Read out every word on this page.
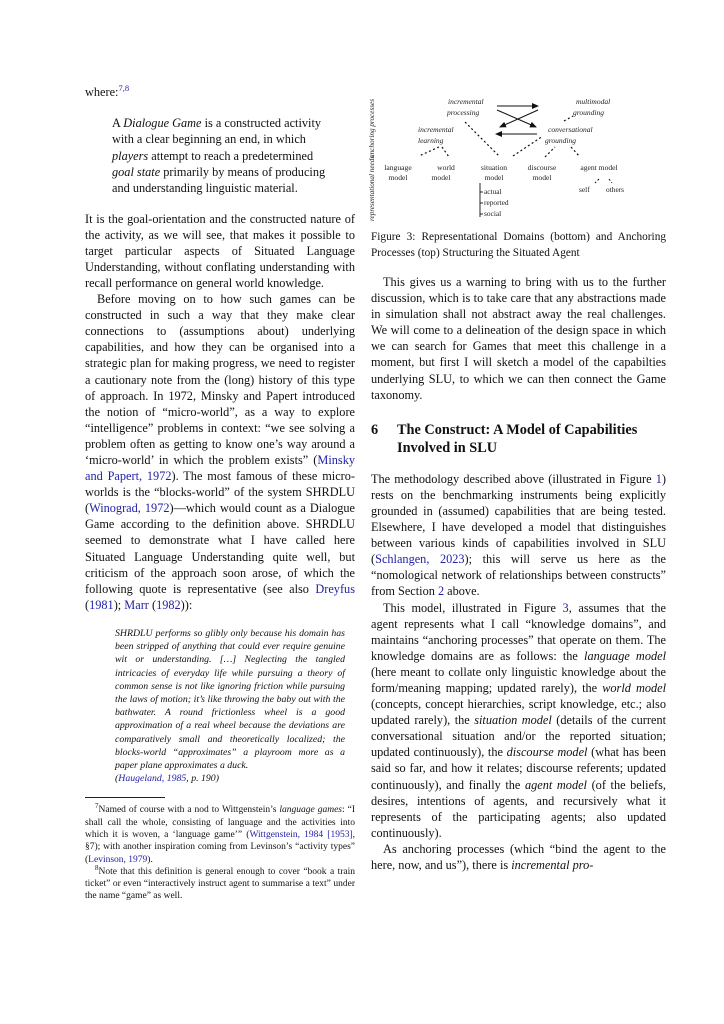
where:$^{7,8}$

A Dialogue Game is a constructed activity with a clear beginning an end, in which players attempt to reach a predetermined goal state primarily by means of producing and understanding linguistic material.

It is the goal-orientation and the constructed nature of the activity, as we will see, that makes it possible to target particular aspects of Situated Language Understanding, without conflating understanding with recall performance on general world knowledge.

Before moving on to how such games can be constructed in such a way that they make clear connections to (assumptions about) underlying capabilities, and how they can be organised into a strategic plan for making progress, we need to register a cautionary note from the (long) history of this type of approach. In 1972, Minsky and Papert introduced the notion of “micro-world”, as a way to explore “intelligence” problems in context: “we see solving a problem often as getting to know one’s way around a ‘micro-world’ in which the problem exists” (Minsky and Papert, 1972). The most famous of these micro-worlds is the “blocks-world” of the system SHRDLU (Winograd, 1972)—which would count as a Dialogue Game according to the definition above. SHRDLU seemed to demonstrate what I have called here Situated Language Understanding quite well, but criticism of the approach soon arose, of which the following quote is representative (see also Dreyfus (1981); Marr (1982)):

SHRDLU performs so glibly only because his domain has been stripped of anything that could ever require genuine wit or understanding. […] Neglecting the tangled intricacies of everyday life while pursuing a theory of common sense is not like ignoring friction while pursuing the laws of motion; it’s like throwing the baby out with the bathwater. A round frictionless wheel is a good approximation of a real wheel because the deviations are comparatively small and theoretically localized; the blocks-world “approximates” a playroom more as a paper plane approximates a duck.
(Haugeland, 1985, p. 190)

$^7$Named of course with a nod to Wittgenstein’s language games: “I shall call the whole, consisting of language and the activities into which it is woven, a ‘language game’” (Wittgenstein, 1984 [1953], §7); with another inspiration coming from Levinson’s “activity types” (Levinson, 1979).

$^8$Note that this definition is general enough to cover “book a train ticket” or even “interactively instruct agent to summarise a text” under the name “game” as well.

anchoring processes
representational needs
incremental
processing
multimodal
grounding
incremental
learning
conversational
grounding
language
model
world
model
situation
model
discourse
model
agent model
actual
reported
social
self others

Figure 3: Representational Domains (bottom) and Anchoring Processes (top) Structuring the Situated Agent

This gives us a warning to bring with us to the further discussion, which is to take care that any abstractions made in simulation shall not abstract away the real challenges. We will come to a delineation of the design space in which we can search for Games that meet this challenge in a moment, but first I will sketch a model of the capabilties underlying SLU, to which we can then connect the Game taxonomy.

6 The Construct: A Model of Capabilities Involved in SLU

The methodology described above (illustrated in Figure 1) rests on the benchmarking instruments being explicitly grounded in (assumed) capabilities that are being tested. Elsewhere, I have developed a model that distinguishes between various kinds of capabilities involved in SLU (Schlangen, 2023); this will serve us here as the “nomological network of relationships between constructs” from Section 2 above.

This model, illustrated in Figure 3, assumes that the agent represents what I call “knowledge domains”, and maintains “anchoring processes” that operate on them. The knowledge domains are as follows: the language model (here meant to collate only linguistic knowledge about the form/meaning mapping; updated rarely), the world model (concepts, concept hierarchies, script knowledge, etc.; also updated rarely), the situation model (details of the current conversational situation and/or the reported situation; updated continuously), the discourse model (what has been said so far, and how it relates; discourse referents; updated continuously), and finally the agent model (of the beliefs, desires, intentions of agents, and recursively what it represents of the participating agents; also updated continuously).

As anchoring processes (which “bind the agent to the here, now, and us”), there is incremental pro-
